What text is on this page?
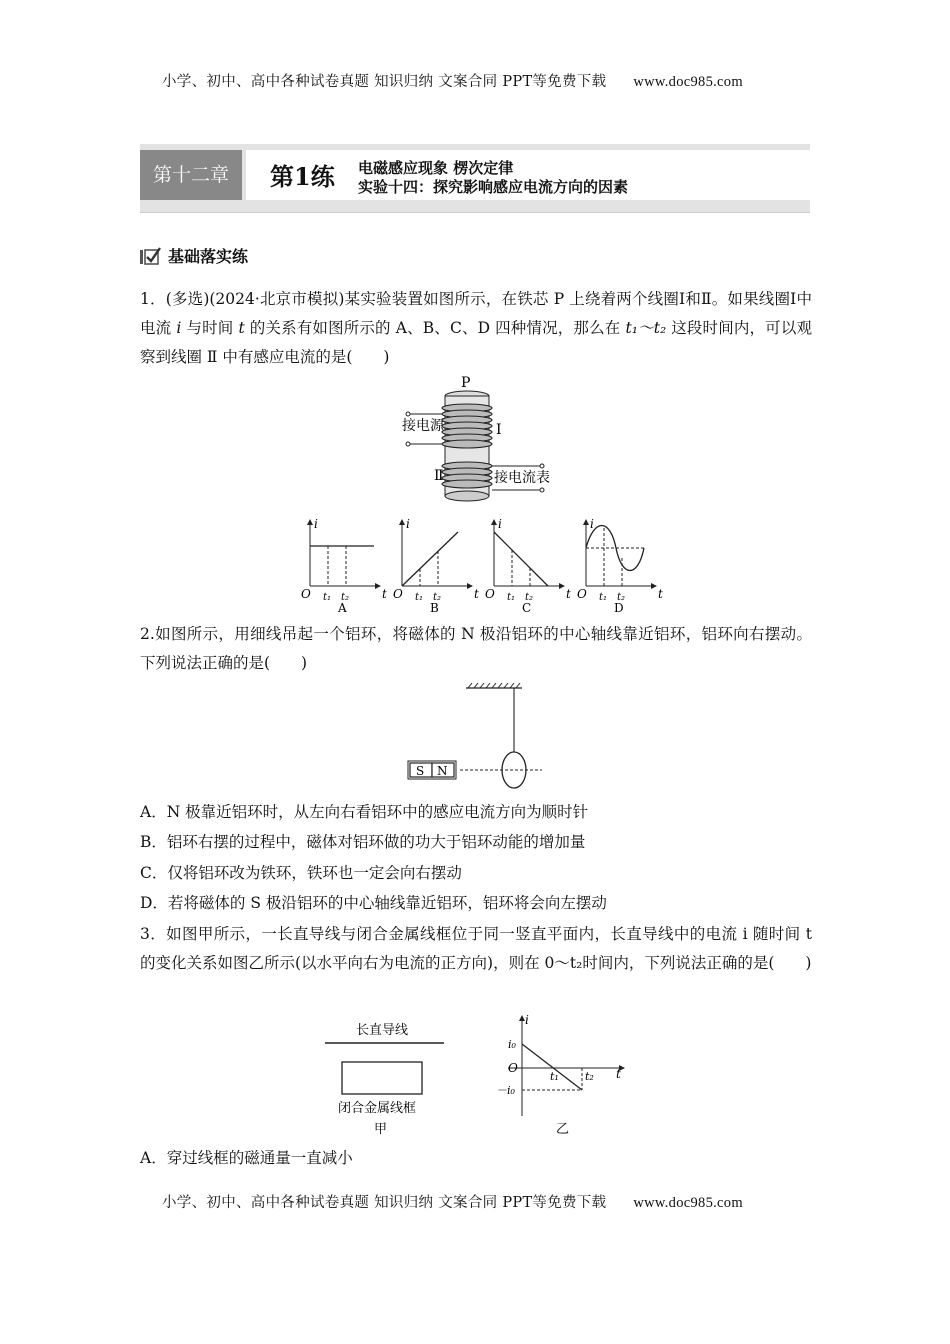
小学、初中、高中各种试卷真题 知识归纳 文案合同 PPT等免费下载 www.doc985.com
第十二章	第1练 电磁感应现象 楞次定律
实验十四：探究影响感应电流方向的因素
基础落实练
1．(多选)(2024·北京市模拟)某实验装置如图所示，在铁芯 P 上绕着两个线圈Ⅰ和Ⅱ。如果线圈Ⅰ中电流 i 与时间 t 的关系有如图所示的 A、B、C、D 四种情况，那么在 t₁～t₂ 这段时间内，可以观察到线圈 Ⅱ 中有感应电流的是(　　)
P
接电源	Ⅰ
Ⅱ	接电流表
i
O	t
t₁ t₂
A
i
O	t
t₁ t₂
B
i
O	t
t₁ t₂
C
i
O	t
t₁ t₂
D
2.如图所示，用细线吊起一个铝环，将磁体的 N 极沿铝环的中心轴线靠近铝环，铝环向右摆动。下列说法正确的是(　　)
S N
A．N 极靠近铝环时，从左向右看铝环中的感应电流方向为顺时针
B．铝环右摆的过程中，磁体对铝环做的功大于铝环动能的增加量
C．仅将铝环改为铁环，铁环也一定会向右摆动
D．若将磁体的 S 极沿铝环的中心轴线靠近铝环，铝环将会向左摆动
3．如图甲所示，一长直导线与闭合金属线框位于同一竖直平面内，长直导线中的电流 i 随时间 t 的变化关系如图乙所示(以水平向右为电流的正方向)，则在 0～t₂时间内，下列说法正确的是(　　)
长直导线
闭合金属线框
甲
i
i₀
O
－i₀
t₁ t₂ t
乙
A．穿过线框的磁通量一直减小
小学、初中、高中各种试卷真题 知识归纳 文案合同 PPT等免费下载 www.doc985.com
